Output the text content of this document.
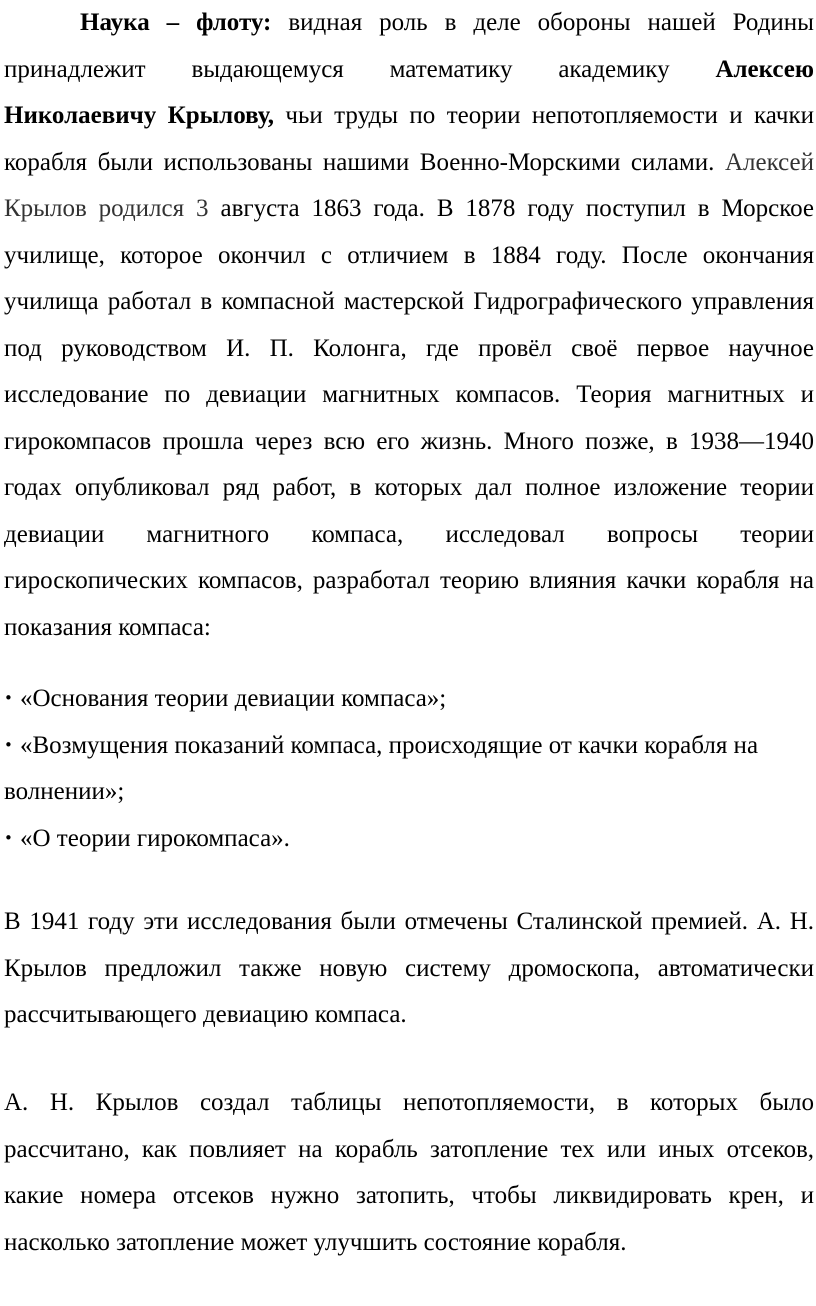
Наука – флоту: видная роль в деле обороны нашей Родины принадлежит выдающемуся математику академику Алексею Николаевичу Крылову, чьи труды по теории непотопляемости и качки корабля были использованы нашими Военно-Морскими силами. Алексей Крылов родился 3 августа 1863 года. В 1878 году поступил в Морское училище, которое окончил с отличием в 1884 году. После окончания училища работал в компасной мастерской Гидрографического управления под руководством И. П. Колонга, где провёл своё первое научное исследование по девиации магнитных компасов. Теория магнитных и гирокомпасов прошла через всю его жизнь. Много позже, в 1938—1940 годах опубликовал ряд работ, в которых дал полное изложение теории девиации магнитного компаса, исследовал вопросы теории гироскопических компасов, разработал теорию влияния качки корабля на показания компаса:

• «Основания теории девиации компаса»;
• «Возмущения показаний компаса, происходящие от качки корабля на волнении»;
• «О теории гирокомпаса».

В 1941 году эти исследования были отмечены Сталинской премией. А. Н. Крылов предложил также новую систему дромоскопа, автоматически рассчитывающего девиацию компаса.

А. Н. Крылов создал таблицы непотопляемости, в которых было рассчитано, как повлияет на корабль затопление тех или иных отсеков, какие номера отсеков нужно затопить, чтобы ликвидировать крен, и насколько затопление может улучшить состояние корабля.
